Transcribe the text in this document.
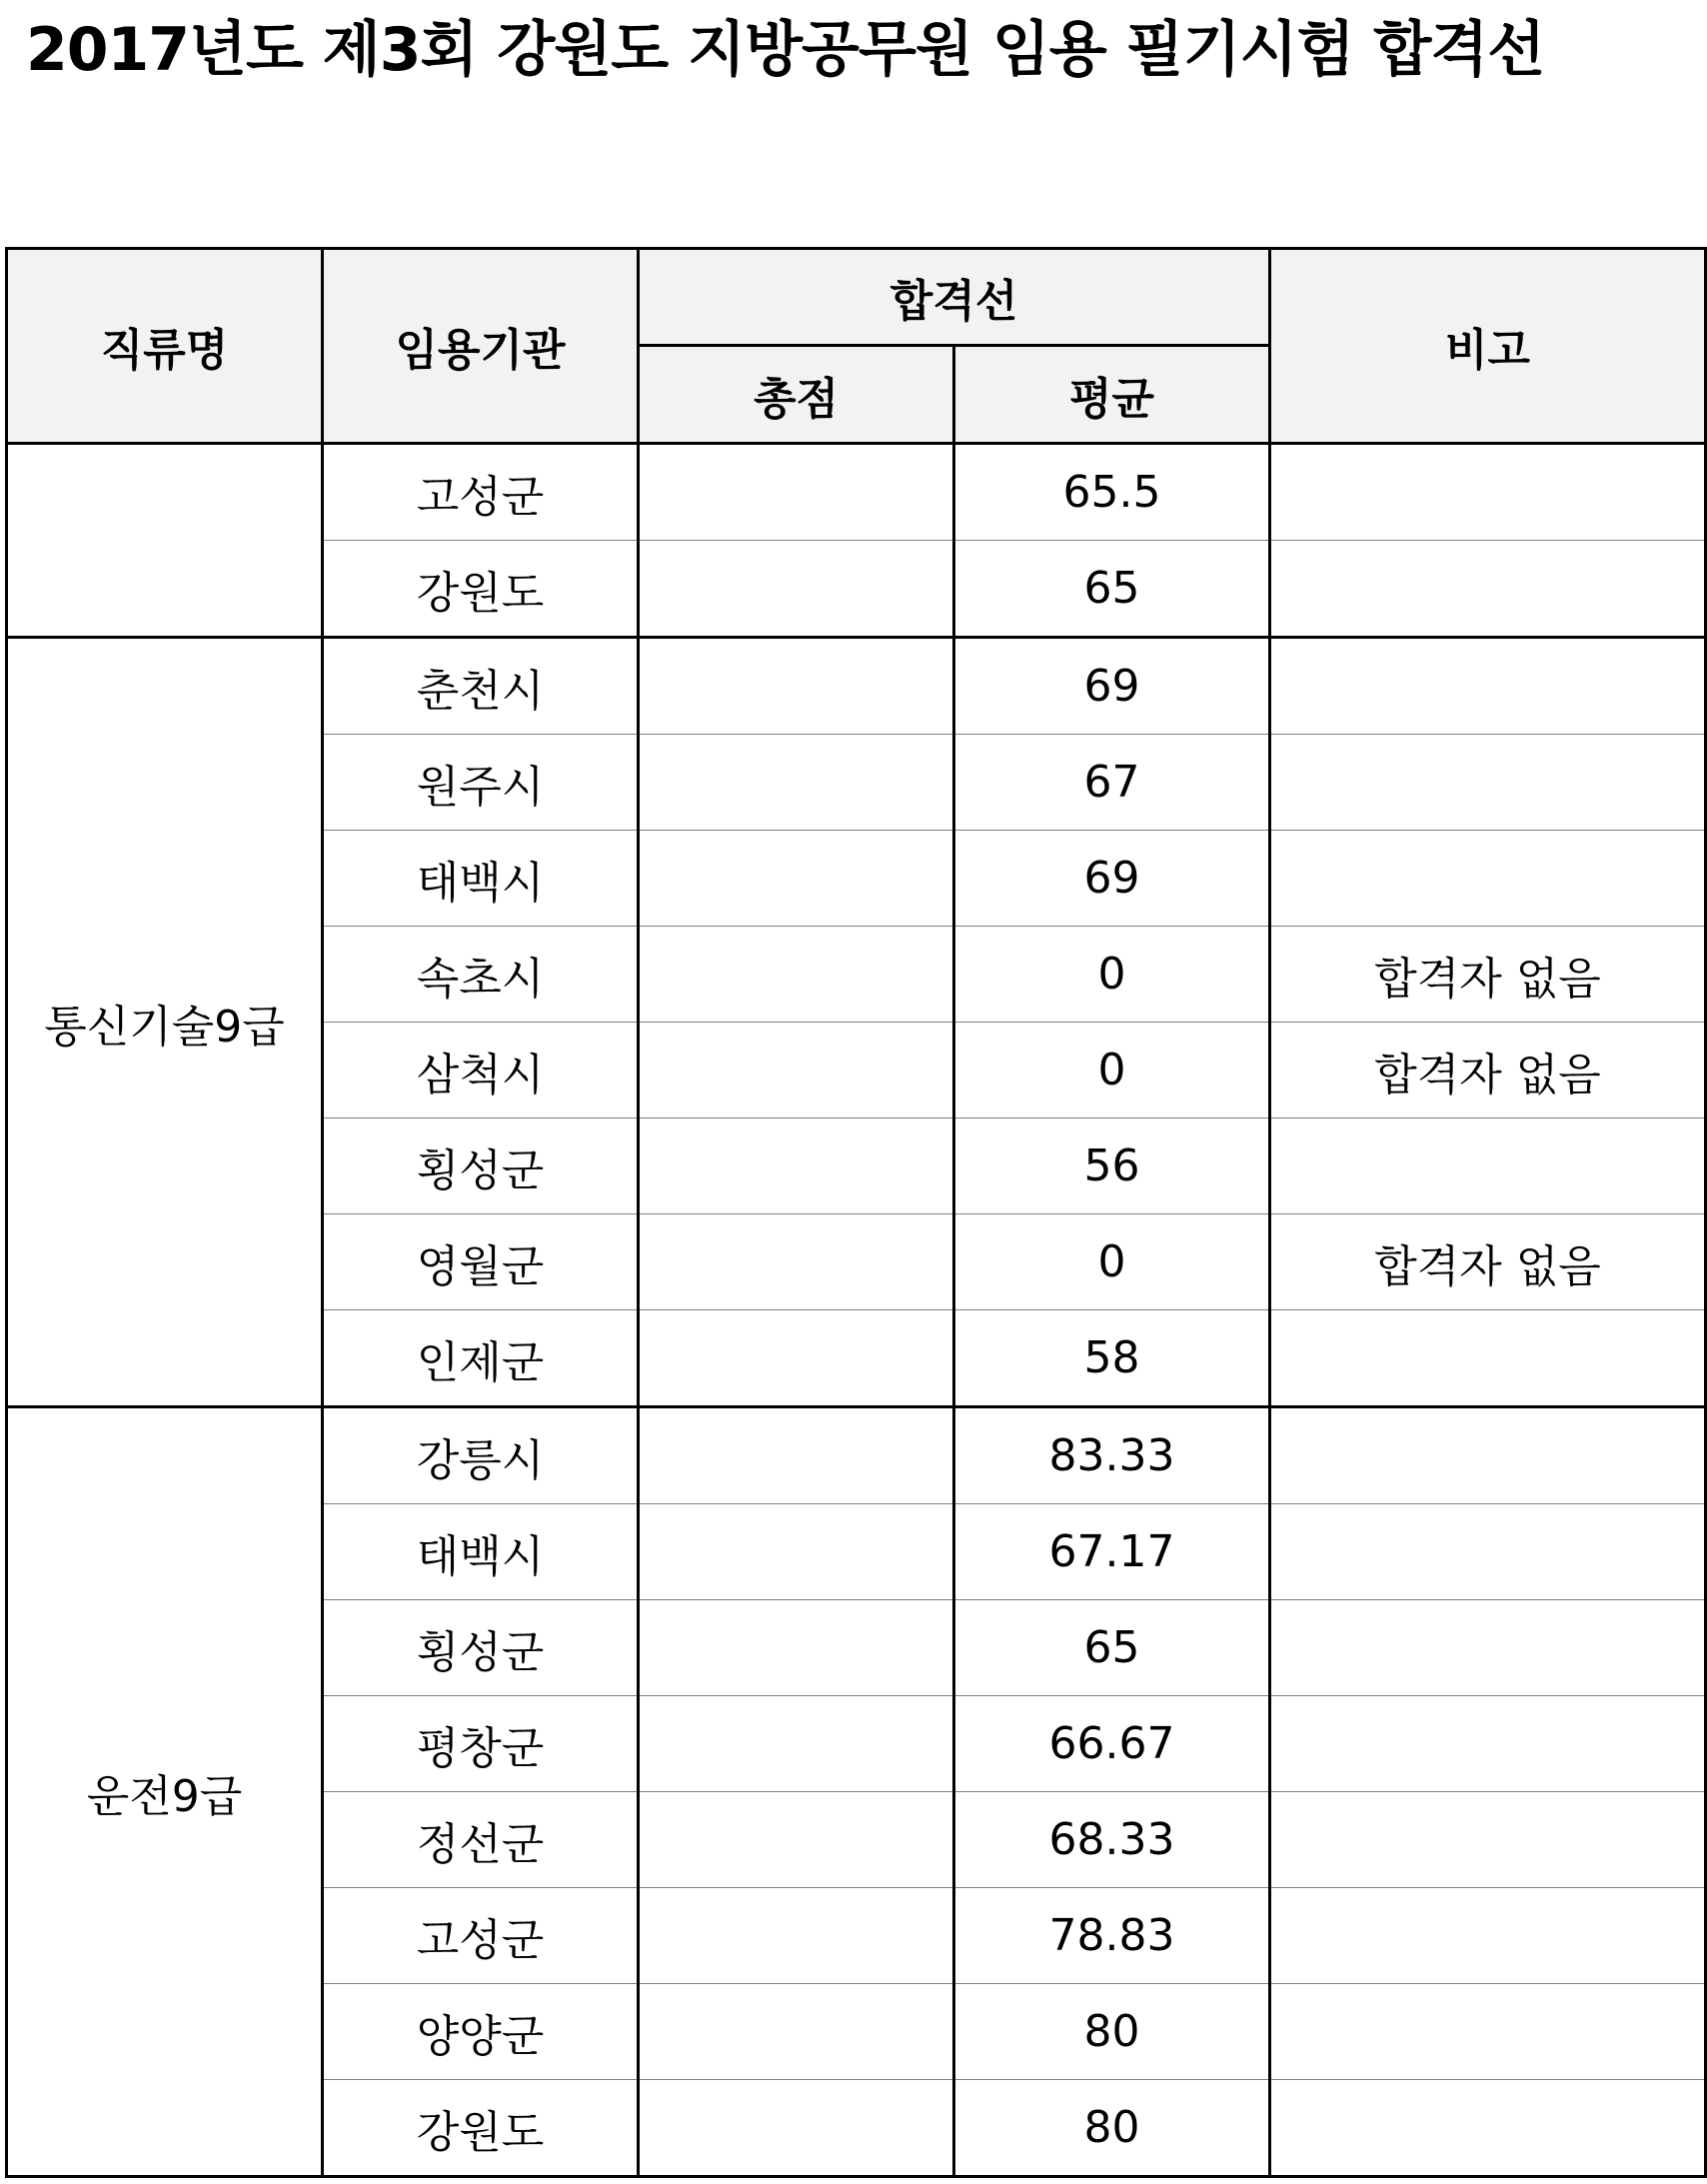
2017년도 제3회 강원도 지방공무원 임용 필기시험 합격선
직류명	임용기관	합격선		비고
		총점	평균	
	고성군		65.5	
	강원도		65	
통신기술9급	춘천시		69	
	원주시		67	
	태백시		69	
	속초시		0	합격자 없음
	삼척시		0	합격자 없음
	횡성군		56	
	영월군		0	합격자 없음
	인제군		58	
운전9급	강릉시		83.33	
	태백시		67.17	
	횡성군		65	
	평창군		66.67	
	정선군		68.33	
	고성군		78.83	
	양양군		80	
	강원도		80	
